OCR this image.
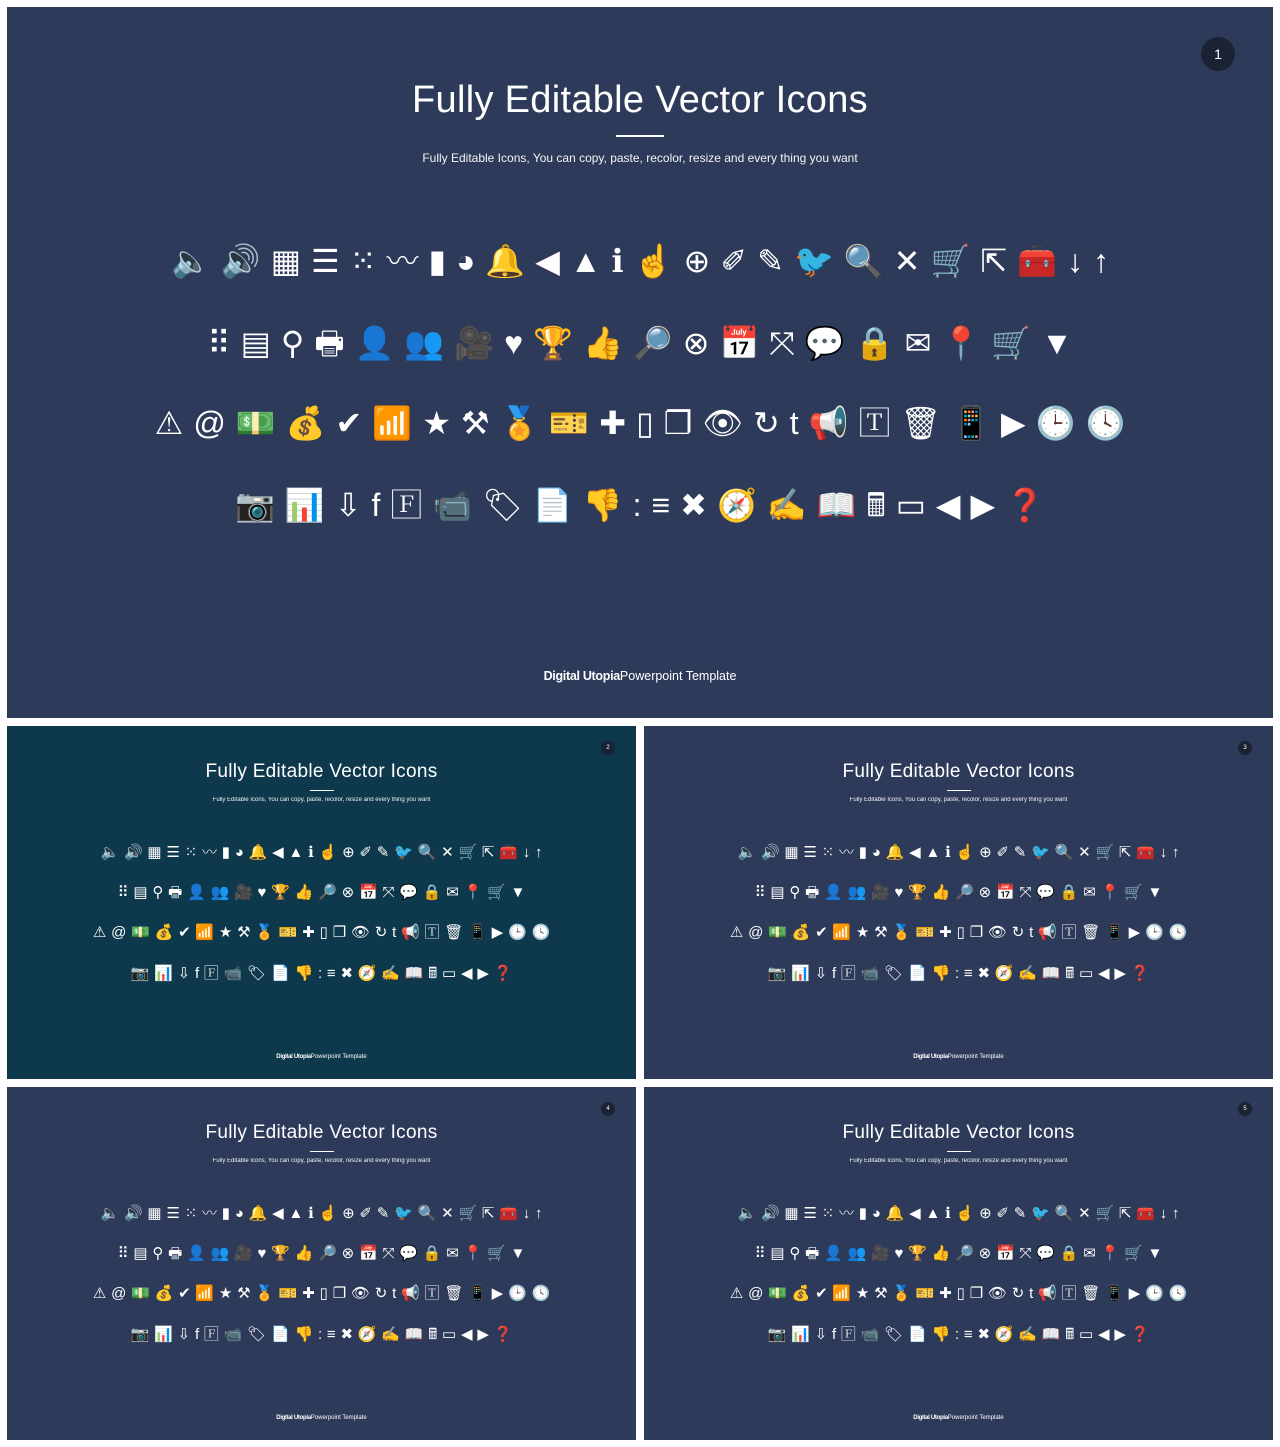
1
Fully Editable Vector Icons
Fully Editable Icons, You can copy, paste, recolor, resize and every thing you want
🔈 🔊 ▦ ☰ ⁙ 〰 ▮ ◕ 🔔 ◀ ▲ ℹ ☝ ⊕ ✐ ✎ 🐦 🔍 ✕ 🛒 ⇱ 🧰 ↓ ↑
⠿ ▤ ⚲ 🖶 👤 👥 🎥 ♥ 🏆 👍 🔎 ⊗ 📅 ⤧ 💬 🔒 ✉ 📍 🛒 ▼
⚠ @ 💵 💰 ✔ 📶 ★ ⚒ 🏅 🎫 ✚ ▯ ❐ 👁 ↻ t 📢 🅃 🗑 📱 ▶ 🕒 🕓
📷 📊 ⇩ f 🄵 📹 🏷 📄 👎 : ≡ ✖ 🧭 ✍ 📖 🖩 ▭ ◀ ▶ ❓
Digital UtopiaPowerpoint Template
2
Fully Editable Vector Icons
Fully Editable Icons, You can copy, paste, recolor, resize and every thing you want
🔈 🔊 ▦ ☰ ⁙ 〰 ▮ ◕ 🔔 ◀ ▲ ℹ ☝ ⊕ ✐ ✎ 🐦 🔍 ✕ 🛒 ⇱ 🧰 ↓ ↑
⠿ ▤ ⚲ 🖶 👤 👥 🎥 ♥ 🏆 👍 🔎 ⊗ 📅 ⤧ 💬 🔒 ✉ 📍 🛒 ▼
⚠ @ 💵 💰 ✔ 📶 ★ ⚒ 🏅 🎫 ✚ ▯ ❐ 👁 ↻ t 📢 🅃 🗑 📱 ▶ 🕒 🕓
📷 📊 ⇩ f 🄵 📹 🏷 📄 👎 : ≡ ✖ 🧭 ✍ 📖 🖩 ▭ ◀ ▶ ❓
Digital UtopiaPowerpoint Template
3
Fully Editable Vector Icons
Fully Editable Icons, You can copy, paste, recolor, resize and every thing you want
🔈 🔊 ▦ ☰ ⁙ 〰 ▮ ◕ 🔔 ◀ ▲ ℹ ☝ ⊕ ✐ ✎ 🐦 🔍 ✕ 🛒 ⇱ 🧰 ↓ ↑
⠿ ▤ ⚲ 🖶 👤 👥 🎥 ♥ 🏆 👍 🔎 ⊗ 📅 ⤧ 💬 🔒 ✉ 📍 🛒 ▼
⚠ @ 💵 💰 ✔ 📶 ★ ⚒ 🏅 🎫 ✚ ▯ ❐ 👁 ↻ t 📢 🅃 🗑 📱 ▶ 🕒 🕓
📷 📊 ⇩ f 🄵 📹 🏷 📄 👎 : ≡ ✖ 🧭 ✍ 📖 🖩 ▭ ◀ ▶ ❓
Digital UtopiaPowerpoint Template
4
Fully Editable Vector Icons
Fully Editable Icons, You can copy, paste, recolor, resize and every thing you want
🔈 🔊 ▦ ☰ ⁙ 〰 ▮ ◕ 🔔 ◀ ▲ ℹ ☝ ⊕ ✐ ✎ 🐦 🔍 ✕ 🛒 ⇱ 🧰 ↓ ↑
⠿ ▤ ⚲ 🖶 👤 👥 🎥 ♥ 🏆 👍 🔎 ⊗ 📅 ⤧ 💬 🔒 ✉ 📍 🛒 ▼
⚠ @ 💵 💰 ✔ 📶 ★ ⚒ 🏅 🎫 ✚ ▯ ❐ 👁 ↻ t 📢 🅃 🗑 📱 ▶ 🕒 🕓
📷 📊 ⇩ f 🄵 📹 🏷 📄 👎 : ≡ ✖ 🧭 ✍ 📖 🖩 ▭ ◀ ▶ ❓
Digital UtopiaPowerpoint Template
5
Fully Editable Vector Icons
Fully Editable Icons, You can copy, paste, recolor, resize and every thing you want
🔈 🔊 ▦ ☰ ⁙ 〰 ▮ ◕ 🔔 ◀ ▲ ℹ ☝ ⊕ ✐ ✎ 🐦 🔍 ✕ 🛒 ⇱ 🧰 ↓ ↑
⠿ ▤ ⚲ 🖶 👤 👥 🎥 ♥ 🏆 👍 🔎 ⊗ 📅 ⤧ 💬 🔒 ✉ 📍 🛒 ▼
⚠ @ 💵 💰 ✔ 📶 ★ ⚒ 🏅 🎫 ✚ ▯ ❐ 👁 ↻ t 📢 🅃 🗑 📱 ▶ 🕒 🕓
📷 📊 ⇩ f 🄵 📹 🏷 📄 👎 : ≡ ✖ 🧭 ✍ 📖 🖩 ▭ ◀ ▶ ❓
Digital UtopiaPowerpoint Template
